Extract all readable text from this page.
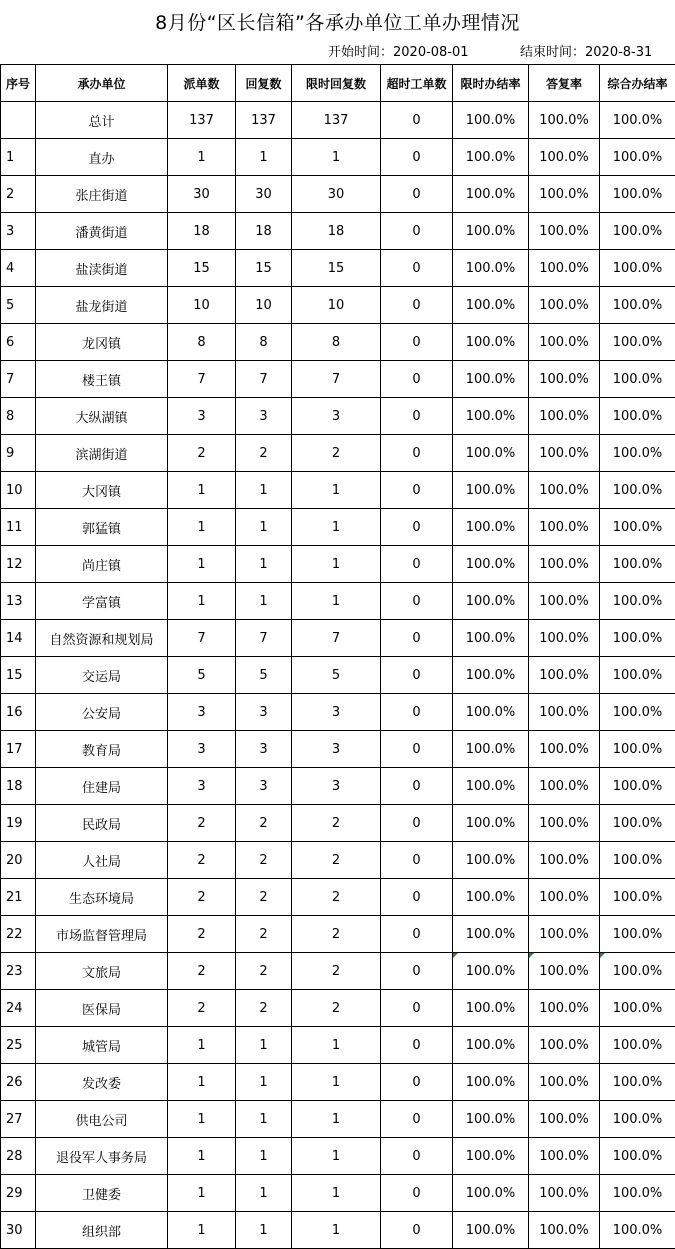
8月份“区长信箱”各承办单位工单办理情况
开始时间：2020-08-01	结束时间：2020-8-31
序号	承办单位	派单数	回复数	限时回复数	超时工单数	限时办结率	答复率	综合办结率
	总计	137	137	137	0	100.0%	100.0%	100.0%
1	直办	1	1	1	0	100.0%	100.0%	100.0%
2	张庄街道	30	30	30	0	100.0%	100.0%	100.0%
3	潘黄街道	18	18	18	0	100.0%	100.0%	100.0%
4	盐渎街道	15	15	15	0	100.0%	100.0%	100.0%
5	盐龙街道	10	10	10	0	100.0%	100.0%	100.0%
6	龙冈镇	8	8	8	0	100.0%	100.0%	100.0%
7	楼王镇	7	7	7	0	100.0%	100.0%	100.0%
8	大纵湖镇	3	3	3	0	100.0%	100.0%	100.0%
9	滨湖街道	2	2	2	0	100.0%	100.0%	100.0%
10	大冈镇	1	1	1	0	100.0%	100.0%	100.0%
11	郭猛镇	1	1	1	0	100.0%	100.0%	100.0%
12	尚庄镇	1	1	1	0	100.0%	100.0%	100.0%
13	学富镇	1	1	1	0	100.0%	100.0%	100.0%
14	自然资源和规划局	7	7	7	0	100.0%	100.0%	100.0%
15	交运局	5	5	5	0	100.0%	100.0%	100.0%
16	公安局	3	3	3	0	100.0%	100.0%	100.0%
17	教育局	3	3	3	0	100.0%	100.0%	100.0%
18	住建局	3	3	3	0	100.0%	100.0%	100.0%
19	民政局	2	2	2	0	100.0%	100.0%	100.0%
20	人社局	2	2	2	0	100.0%	100.0%	100.0%
21	生态环境局	2	2	2	0	100.0%	100.0%	100.0%
22	市场监督管理局	2	2	2	0	100.0%	100.0%	100.0%
23	文旅局	2	2	2	0	100.0%	100.0%	100.0%
24	医保局	2	2	2	0	100.0%	100.0%	100.0%
25	城管局	1	1	1	0	100.0%	100.0%	100.0%
26	发改委	1	1	1	0	100.0%	100.0%	100.0%
27	供电公司	1	1	1	0	100.0%	100.0%	100.0%
28	退役军人事务局	1	1	1	0	100.0%	100.0%	100.0%
29	卫健委	1	1	1	0	100.0%	100.0%	100.0%
30	组织部	1	1	1	0	100.0%	100.0%	100.0%
